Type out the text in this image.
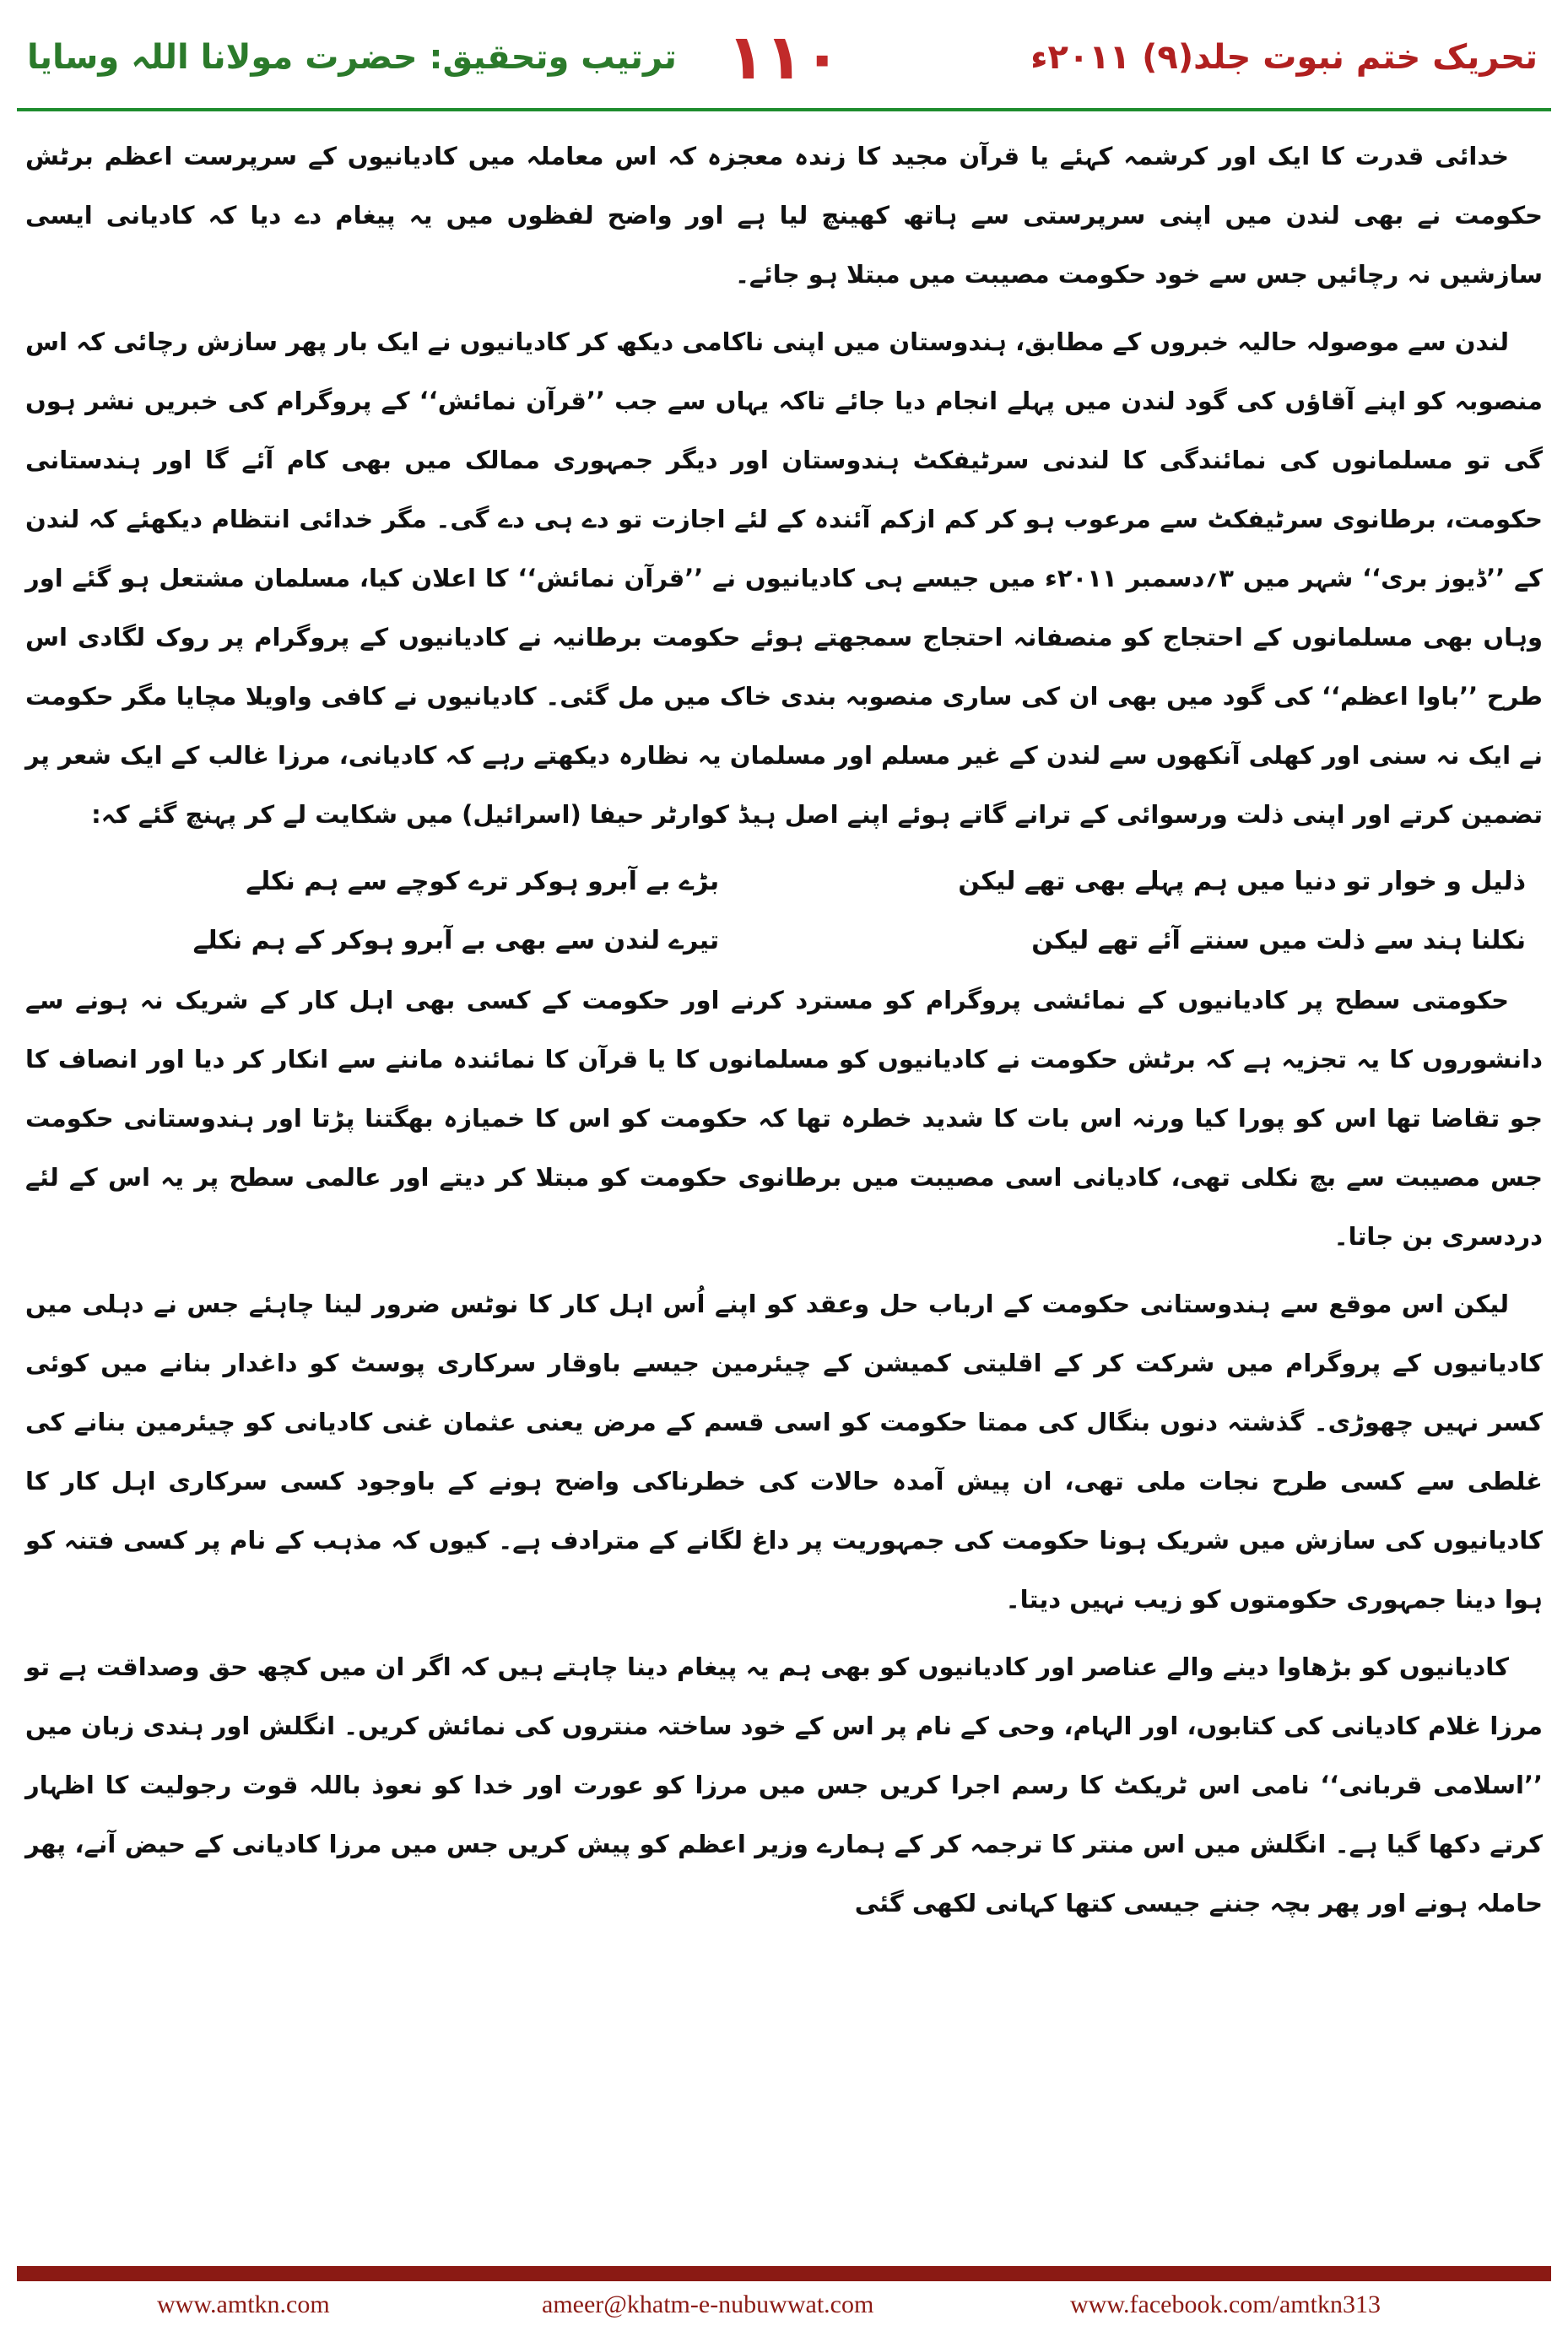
تحریک ختم نبوت جلد(۹) ۲۰۱۱ء
۱۱۰
ترتیب وتحقیق: حضرت مولانا اللہ وسایا

خدائی قدرت کا ایک اور کرشمہ کہئے یا قرآن مجید کا زندہ معجزہ کہ اس معاملہ میں کادیانیوں کے سرپرست اعظم برٹش حکومت نے بھی لندن میں اپنی سرپرستی سے ہاتھ کھینچ لیا ہے اور واضح لفظوں میں یہ پیغام دے دیا کہ کادیانی ایسی سازشیں نہ رچائیں جس سے خود حکومت مصیبت میں مبتلا ہو جائے۔

لندن سے موصولہ حالیہ خبروں کے مطابق، ہندوستان میں اپنی ناکامی دیکھ کر کادیانیوں نے ایک بار پھر سازش رچائی کہ اس منصوبہ کو اپنے آقاؤں کی گود لندن میں پہلے انجام دیا جائے تاکہ یہاں سے جب ’’قرآن نمائش‘‘ کے پروگرام کی خبریں نشر ہوں گی تو مسلمانوں کی نمائندگی کا لندنی سرٹیفکٹ ہندوستان اور دیگر جمہوری ممالک میں بھی کام آئے گا اور ہندستانی حکومت، برطانوی سرٹیفکٹ سے مرعوب ہو کر کم ازکم آئندہ کے لئے اجازت تو دے ہی دے گی۔ مگر خدائی انتظام دیکھئے کہ لندن کے ’’ڈیوز بری‘‘ شہر میں ۳؍دسمبر ۲۰۱۱ء میں جیسے ہی کادیانیوں نے ’’قرآن نمائش‘‘ کا اعلان کیا، مسلمان مشتعل ہو گئے اور وہاں بھی مسلمانوں کے احتجاج کو منصفانہ احتجاج سمجھتے ہوئے حکومت برطانیہ نے کادیانیوں کے پروگرام پر روک لگادی اس طرح ’’باوا اعظم‘‘ کی گود میں بھی ان کی ساری منصوبہ بندی خاک میں مل گئی۔ کادیانیوں نے کافی واویلا مچایا مگر حکومت نے ایک نہ سنی اور کھلی آنکھوں سے لندن کے غیر مسلم اور مسلمان یہ نظارہ دیکھتے رہے کہ کادیانی، مرزا غالب کے ایک شعر پر تضمین کرتے اور اپنی ذلت ورسوائی کے ترانے گاتے ہوئے اپنے اصل ہیڈ کوارٹر حیفا (اسرائیل) میں شکایت لے کر پہنچ گئے کہ:

ذلیل و خوار تو دنیا میں ہم پہلے بھی تھے لیکن
بڑے بے آبرو ہوکر ترے کوچے سے ہم نکلے
نکلنا ہند سے ذلت میں سنتے آئے تھے لیکن
تیرے لندن سے بھی بے آبرو ہوکر کے ہم نکلے

حکومتی سطح پر کادیانیوں کے نمائشی پروگرام کو مسترد کرنے اور حکومت کے کسی بھی اہل کار کے شریک نہ ہونے سے دانشوروں کا یہ تجزیہ ہے کہ برٹش حکومت نے کادیانیوں کو مسلمانوں کا یا قرآن کا نمائندہ ماننے سے انکار کر دیا اور انصاف کا جو تقاضا تھا اس کو پورا کیا ورنہ اس بات کا شدید خطرہ تھا کہ حکومت کو اس کا خمیازہ بھگتنا پڑتا اور ہندوستانی حکومت جس مصیبت سے بچ نکلی تھی، کادیانی اسی مصیبت میں برطانوی حکومت کو مبتلا کر دیتے اور عالمی سطح پر یہ اس کے لئے دردسری بن جاتا۔

لیکن اس موقع سے ہندوستانی حکومت کے ارباب حل وعقد کو اپنے اُس اہل کار کا نوٹس ضرور لینا چاہئے جس نے دہلی میں کادیانیوں کے پروگرام میں شرکت کر کے اقلیتی کمیشن کے چیئرمین جیسے باوقار سرکاری پوسٹ کو داغدار بنانے میں کوئی کسر نہیں چھوڑی۔ گذشتہ دنوں بنگال کی ممتا حکومت کو اسی قسم کے مرض یعنی عثمان غنی کادیانی کو چیئرمین بنانے کی غلطی سے کسی طرح نجات ملی تھی، ان پیش آمدہ حالات کی خطرناکی واضح ہونے کے باوجود کسی سرکاری اہل کار کا کادیانیوں کی سازش میں شریک ہونا حکومت کی جمہوریت پر داغ لگانے کے مترادف ہے۔ کیوں کہ مذہب کے نام پر کسی فتنہ کو ہوا دینا جمہوری حکومتوں کو زیب نہیں دیتا۔

کادیانیوں کو بڑھاوا دینے والے عناصر اور کادیانیوں کو بھی ہم یہ پیغام دینا چاہتے ہیں کہ اگر ان میں کچھ حق وصداقت ہے تو مرزا غلام کادیانی کی کتابوں، اور الہام، وحی کے نام پر اس کے خود ساختہ منتروں کی نمائش کریں۔ انگلش اور ہندی زبان میں ’’اسلامی قربانی‘‘ نامی اس ٹریکٹ کا رسم اجرا کریں جس میں مرزا کو عورت اور خدا کو نعوذ باللہ قوت رجولیت کا اظہار کرتے دکھا گیا ہے۔ انگلش میں اس منتر کا ترجمہ کر کے ہمارے وزیر اعظم کو پیش کریں جس میں مرزا کادیانی کے حیض آنے، پھر حاملہ ہونے اور پھر بچہ جننے جیسی کتھا کہانی لکھی گئی

www.amtkn.com	ameer@khatm-e-nubuwwat.com	www.facebook.com/amtkn313
